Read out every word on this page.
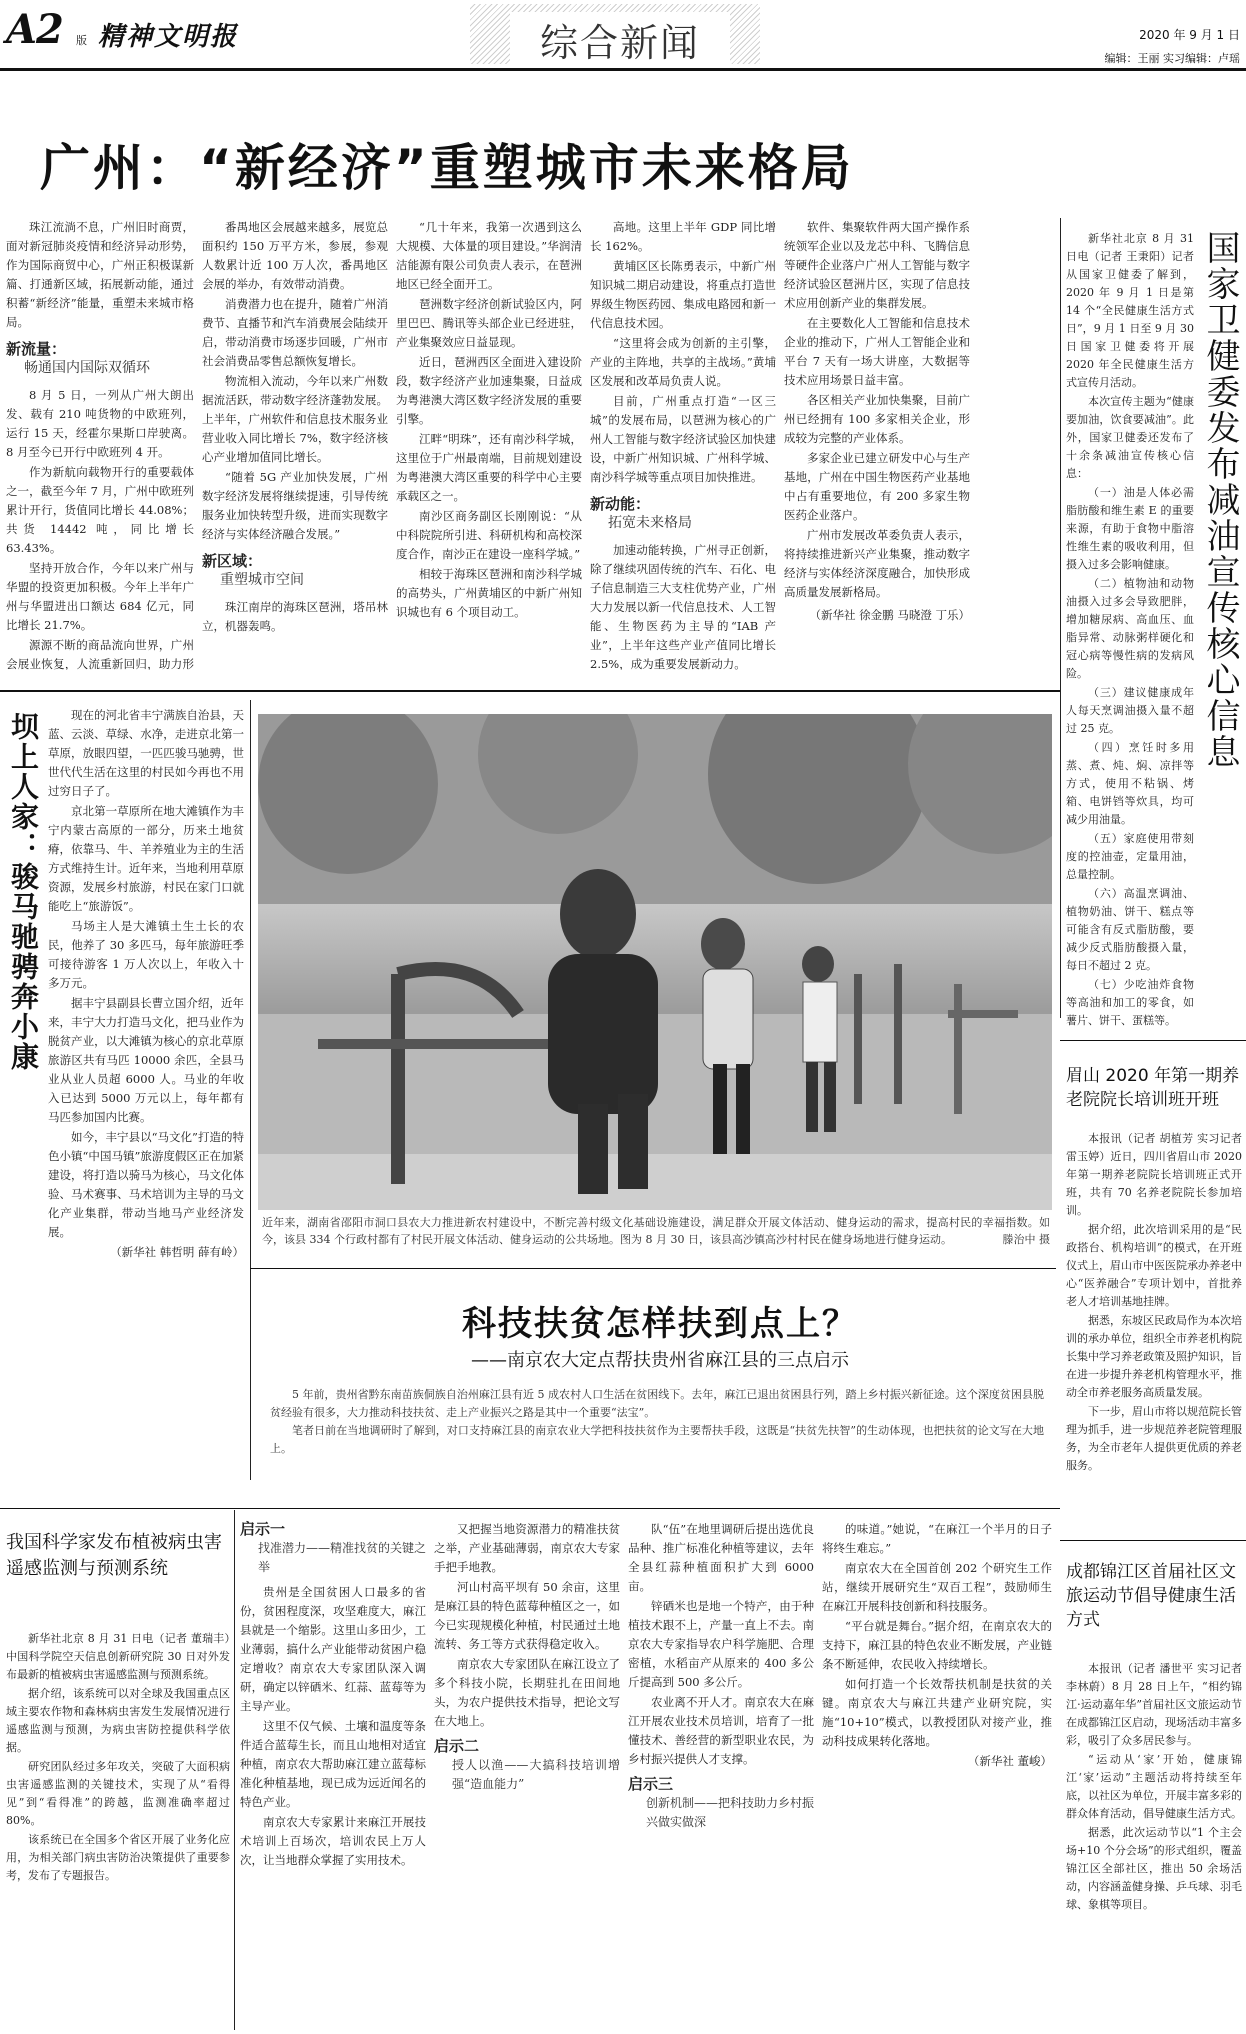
A2 版 精神文明报	综合新闻	2020 年 9 月 1 日
编辑：王丽 实习编辑：卢瑶
广州：“新经济”重塑城市未来格局

珠江流淌不息，广州旧时商贾，面对新冠肺炎疫情和经济异动形势，作为国际商贸中心，广州正积极谋新篇、打通新区域，拓展新动能，通过积蓄“新经济”能量，重塑未来城市格局。

新流量：
畅通国内国际双循环

8 月 5 日，一列从广州大朗出发、载有 210 吨货物的中欧班列，运行 15 天，经霍尔果斯口岸驶离。8 月至今已开行中欧班列 4 开。

作为新航向载物开行的重要载体之一，截至今年 7 月，广州中欧班列累计开行，货值同比增长 44.08%；共货 14442 吨，同比增长 63.43%。

坚持开放合作，今年以来广州与华盟的投资更加积极。今年上半年广州与华盟进出口额达 684 亿元，同比增长 21.7%。

源源不断的商品流向世界，广州会展业恢复，人流重新回归，助力形

番禺地区会展越来越多，展览总面积约 150 万平方米，参展，参观人数累计近 100 万人次，番禺地区会展的举办，有效带动消费。

消费潜力也在提升，随着广州消费节、直播节和汽车消费展会陆续开启，带动消费市场逐步回暖，广州市社会消费品零售总额恢复增长。

物流相入流动，今年以来广州数据流活跃，带动数字经济蓬勃发展。上半年，广州软件和信息技术服务业营业收入同比增长 7%，数字经济核心产业增加值同比增长。

“随着 5G 产业加快发展，广州数字经济发展将继续提速，引导传统服务业加快转型升级，进而实现数字经济与实体经济融合发展。”

新区域：
重塑城市空间

珠江南岸的海珠区琶洲，塔吊林立，机器轰鸣。

“几十年来，我第一次遇到这么大规模、大体量的项目建设。”华润清洁能源有限公司负责人表示，在琶洲地区已经全面开工。

琶洲数字经济创新试验区内，阿里巴巴、腾讯等头部企业已经进驻，产业集聚效应日益显现。

近日，琶洲西区全面进入建设阶段，数字经济产业加速集聚，日益成为粤港澳大湾区数字经济发展的重要引擎。

江畔“明珠”，还有南沙科学城，这里位于广州最南端，目前规划建设为粤港澳大湾区重要的科学中心主要承载区之一。

南沙区商务副区长刚刚说：“从中科院院所引进、科研机构和高校深度合作，南沙正在建设一座科学城。”

相较于海珠区琶洲和南沙科学城的高势头，广州黄埔区的中新广州知识城也有 6 个项目动工。

高地。这里上半年 GDP 同比增长 162%。

黄埔区区长陈勇表示，中新广州知识城二期启动建设，将重点打造世界级生物医药园、集成电路园和新一代信息技术园。

“这里将会成为创新的主引擎，产业的主阵地，共享的主战场。”黄埔区发展和改革局负责人说。

目前，广州重点打造“一区三城”的发展布局，以琶洲为核心的广州人工智能与数字经济试验区加快建设，中新广州知识城、广州科学城、南沙科学城等重点项目加快推进。

新动能：
拓宽未来格局

加速动能转换，广州寻正创新，除了继续巩固传统的汽车、石化、电子信息制造三大支柱优势产业，广州大力发展以新一代信息技术、人工智能、生物医药为主导的“IAB 产业”，上半年这些产业产值同比增长 2.5%，成为重要发展新动力。

软件、集聚软件两大国产操作系统领军企业以及龙芯中科、飞腾信息等硬件企业落户广州人工智能与数字经济试验区琶洲片区，实现了信息技术应用创新产业的集群发展。

在主要数化人工智能和信息技术企业的推动下，广州人工智能企业和平台 7 天有一场大讲座，大数据等技术应用场景日益丰富。

各区相关产业加快集聚，目前广州已经拥有 100 多家相关企业，形成较为完整的产业体系。

多家企业已建立研发中心与生产基地，广州在中国生物医药产业基地中占有重要地位，有 200 多家生物医药企业落户。

广州市发展改革委负责人表示，将持续推进新兴产业集聚，推动数字经济与实体经济深度融合，加快形成高质量发展新格局。

（新华社 徐金鹏 马晓澄 丁乐）	国家卫健委发布减油宣传核心信息

新华社北京 8 月 31 日电（记者 王秉阳）记者从国家卫健委了解到，2020 年 9 月 1 日是第 14 个“全民健康生活方式日”，9 月 1 日至 9 月 30 日国家卫健委将开展 2020 年全民健康生活方式宣传月活动。

本次宣传主题为“健康要加油，饮食要减油”。此外，国家卫健委还发布了十余条减油宣传核心信息：

（一）油是人体必需脂肪酸和维生素 E 的重要来源，有助于食物中脂溶性维生素的吸收利用，但摄入过多会影响健康。

（二）植物油和动物油摄入过多会导致肥胖，增加糖尿病、高血压、血脂异常、动脉粥样硬化和冠心病等慢性病的发病风险。

（三）建议健康成年人每天烹调油摄入量不超过 25 克。

（四）烹饪时多用蒸、煮、炖、焖、凉拌等方式，使用不粘锅、烤箱、电饼铛等炊具，均可减少用油量。

（五）家庭使用带刻度的控油壶，定量用油，总量控制。

（六）高温烹调油、植物奶油、饼干、糕点等可能含有反式脂肪酸，要减少反式脂肪酸摄入量，每日不超过 2 克。

（七）少吃油炸食物等高油和加工的零食，如薯片、饼干、蛋糕等。

坝上人家：骏马驰骋奔小康	现在的河北省丰宁满族自治县，天蓝、云淡、草绿、水净，走进京北第一草原，放眼四望，一匹匹骏马驰骋，世世代代生活在这里的村民如今再也不用过穷日子了。

京北第一草原所在地大滩镇作为丰宁内蒙古高原的一部分，历来土地贫瘠，依靠马、牛、羊养殖业为主的生活方式维持生计。近年来，当地利用草原资源，发展乡村旅游，村民在家门口就能吃上“旅游饭”。

马场主人是大滩镇土生土长的农民，他养了 30 多匹马，每年旅游旺季可接待游客 1 万人次以上，年收入十多万元。

据丰宁县副县长曹立国介绍，近年来，丰宁大力打造马文化，把马业作为脱贫产业，以大滩镇为核心的京北草原旅游区共有马匹 10000 余匹，全县马业从业人员超 6000 人。马业的年收入已达到 5000 万元以上，每年都有马匹参加国内比赛。

如今，丰宁县以“马文化”打造的特色小镇“中国马镇”旅游度假区正在加紧建设，将打造以骑马为核心，马文化体验、马术赛事、马术培训为主导的马文化产业集群，带动当地马产业经济发展。

（新华社 韩哲明 薛有岭）
近年来，湖南省邵阳市洞口县农大力推进新农村建设中，不断完善村级文化基础设施建设，满足群众开展文体活动、健身运动的需求，提高村民的幸福指数。如今，该县 334 个行政村都有了村民开展文体活动、健身运动的公共场地。图为 8 月 30 日，该县高沙镇高沙村村民在健身场地进行健身运动。	滕治中 摄
眉山 2020 年第一期养老院院长培训班开班

本报讯（记者 胡植芳 实习记者 雷玉婷）近日，四川省眉山市 2020 年第一期养老院院长培训班正式开班，共有 70 名养老院院长参加培训。

据介绍，此次培训采用的是“民政搭台、机构培训”的模式，在开班仪式上，眉山市中医医院承办养老中心“医养融合”专项计划中，首批养老人才培训基地挂牌。

据悉，东坡区民政局作为本次培训的承办单位，组织全市养老机构院长集中学习养老政策及照护知识，旨在进一步提升养老机构管理水平，推动全市养老服务高质量发展。

下一步，眉山市将以规范院长管理为抓手，进一步规范养老院管理服务，为全市老年人提供更优质的养老服务。

科技扶贫怎样扶到点上？
——南京农大定点帮扶贵州省麻江县的三点启示

5 年前，贵州省黔东南苗族侗族自治州麻江县有近 5 成农村人口生活在贫困线下。去年，麻江已退出贫困县行列，踏上乡村振兴新征途。这个深度贫困县脱贫经验有很多，大力推动科技扶贫、走上产业振兴之路是其中一个重要“法宝”。

笔者日前在当地调研时了解到，对口支持麻江县的南京农业大学把科技扶贫作为主要帮扶手段，这既是“扶贫先扶智”的生动体现，也把扶贫的论文写在大地上。

启示一
找准潜力——精准找贫的关键之举

贵州是全国贫困人口最多的省份，贫困程度深，攻坚难度大，麻江县就是一个缩影。这里山多田少，工业薄弱，搞什么产业能带动贫困户稳定增收？南京农大专家团队深入调研，确定以锌硒米、红蒜、蓝莓等为主导产业。

这里不仅气候、土壤和温度等条件适合蓝莓生长，而且山地相对适宜种植，南京农大帮助麻江建立蓝莓标准化种植基地，现已成为远近闻名的特色产业。

南京农大专家累计来麻江开展技术培训上百场次，培训农民上万人次，让当地群众掌握了实用技术。

又把握当地资源潜力的精准扶贫之举，产业基础薄弱，南京农大专家手把手地教。

河山村高平坝有 50 余亩，这里是麻江县的特色蓝莓种植区之一，如今已实现规模化种植，村民通过土地流转、务工等方式获得稳定收入。

南京农大专家团队在麻江设立了多个科技小院，长期驻扎在田间地头，为农户提供技术指导，把论文写在大地上。

启示二
授人以渔——大搞科技培训增强“造血能力”

队“伍”在地里调研后提出选优良品种、推广标准化种植等建议，去年全县红蒜种植面积扩大到 6000 亩。

锌硒米也是地一个特产，由于种植技术跟不上，产量一直上不去。南京农大专家指导农户科学施肥、合理密植，水稻亩产从原来的 400 多公斤提高到 500 多公斤。

农业离不开人才。南京农大在麻江开展农业技术员培训，培育了一批懂技术、善经营的新型职业农民，为乡村振兴提供人才支撑。

启示三
创新机制——把科技助力乡村振兴做实做深

的味道。”她说，“在麻江一个半月的日子将终生难忘。”

南京农大在全国首创 202 个研究生工作站，继续开展研究生“双百工程”，鼓励师生在麻江开展科技创新和科技服务。

“平台就是舞台。”据介绍，在南京农大的支持下，麻江县的特色农业不断发展，产业链条不断延伸，农民收入持续增长。

如何打造一个长效帮扶机制是扶贫的关键。南京农大与麻江共建产业研究院，实施“10+10”模式，以教授团队对接产业，推动科技成果转化落地。

（新华社 董峻）
我国科学家发布植被病虫害遥感监测与预测系统

新华社北京 8 月 31 日电（记者 董瑞丰）中国科学院空天信息创新研究院 30 日对外发布最新的植被病虫害遥感监测与预测系统。

据介绍，该系统可以对全球及我国重点区域主要农作物和森林病虫害发生发展情况进行遥感监测与预测，为病虫害防控提供科学依据。

研究团队经过多年攻关，突破了大面积病虫害遥感监测的关键技术，实现了从“看得见”到“看得准”的跨越，监测准确率超过 80%。

该系统已在全国多个省区开展了业务化应用，为相关部门病虫害防治决策提供了重要参考，发布了专题报告。

成都锦江区首届社区文旅运动节倡导健康生活方式

本报讯（记者 潘世平 实习记者 李林蔚）8 月 28 日上午，“相约锦江·运动嘉年华”首届社区文旅运动节在成都锦江区启动，现场活动丰富多彩，吸引了众多居民参与。

“运动从‘家’开始，健康锦江‘家’运动”主题活动将持续至年底，以社区为单位，开展丰富多彩的群众体育活动，倡导健康生活方式。

据悉，此次运动节以“1 个主会场+10 个分会场”的形式组织，覆盖锦江区全部社区，推出 50 余场活动，内容涵盖健身操、乒乓球、羽毛球、象棋等项目。
